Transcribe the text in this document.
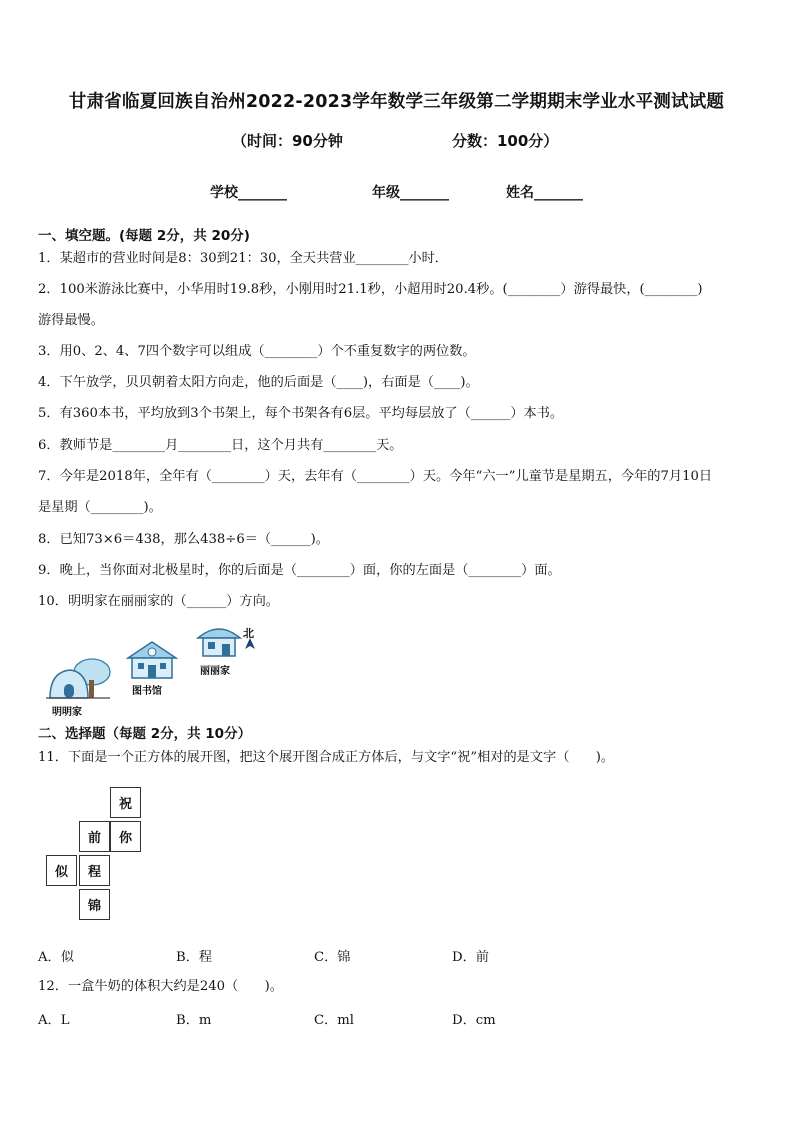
甘肃省临夏回族自治州2022-2023学年数学三年级第二学期期末学业水平测试试题
（时间：90分钟	分数：100分）
学校_______	年级_______	姓名_______
一、填空题。(每题 2分，共 20分)
1．某超市的营业时间是8：30到21：30，全天共营业________小时．
2．100米游泳比赛中，小华用时19.8秒，小刚用时21.1秒，小超用时20.4秒。(________）游得最快，(________)
游得最慢。
3．用0、2、4、7四个数字可以组成（________）个不重复数字的两位数。
4．下午放学，贝贝朝着太阳方向走，他的后面是（____)，右面是（____)。
5．有360本书，平均放到3个书架上，每个书架各有6层。平均每层放了（______）本书。
6．教师节是________月________日，这个月共有________天。
7．今年是2018年，全年有（________）天，去年有（________）天。今年“六一”儿童节是星期五，今年的7月10日
是星期（________)。
8．已知73×6＝438，那么438÷6＝（______)。
9．晚上，当你面对北极星时，你的后面是（________）面，你的左面是（________）面。
10．明明家在丽丽家的（______）方向。
明明家
图书馆
丽丽家
北
二、选择题（每题 2分，共 10分）
11．下面是一个正方体的展开图，把这个展开图合成正方体后，与文字“祝”相对的是文字（　　)。
祝
前	你
似	程
锦
A．似	B．程	C．锦	D．前
12．一盒牛奶的体积大约是240（　　)。
A．L	B．m	C．ml	D．cm
